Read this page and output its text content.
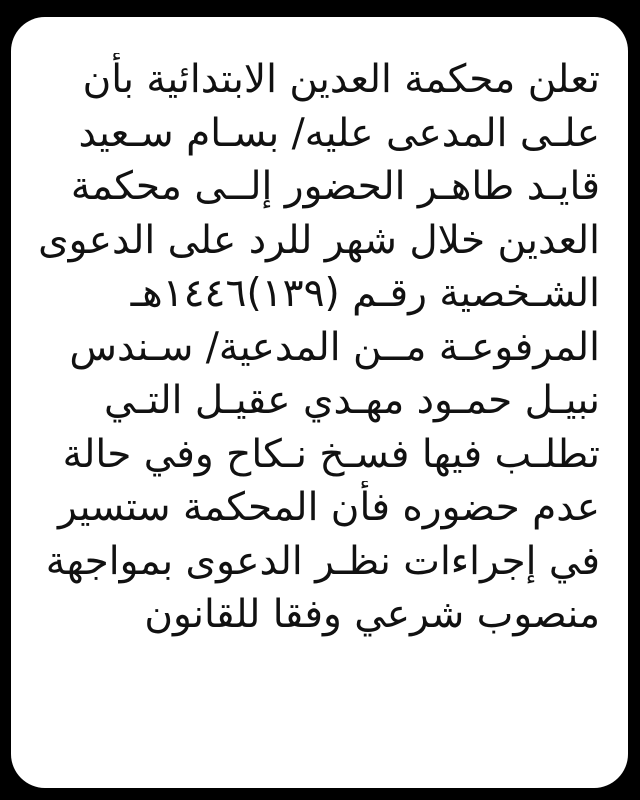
تعلن محكمة العدين الابتدائية بأن
علـى المدعى عليه/ بسـام سـعيد
قايـد طاهـر الحضور إلــى محكمة
العدين خلال شهر للرد على الدعوى
الشـخصية رقـم (١٣٩)١٤٤٦هـ
المرفوعـة مــن المدعية/ سـندس
نبيـل حمـود مهـدي عقيـل التـي
تطلـب فيها فسـخ نـكاح وفي حالة
عدم حضوره فأن المحكمة ستسير
في إجراءات نظـر الدعوى بمواجهة
منصوب شرعي وفقا للقانون
